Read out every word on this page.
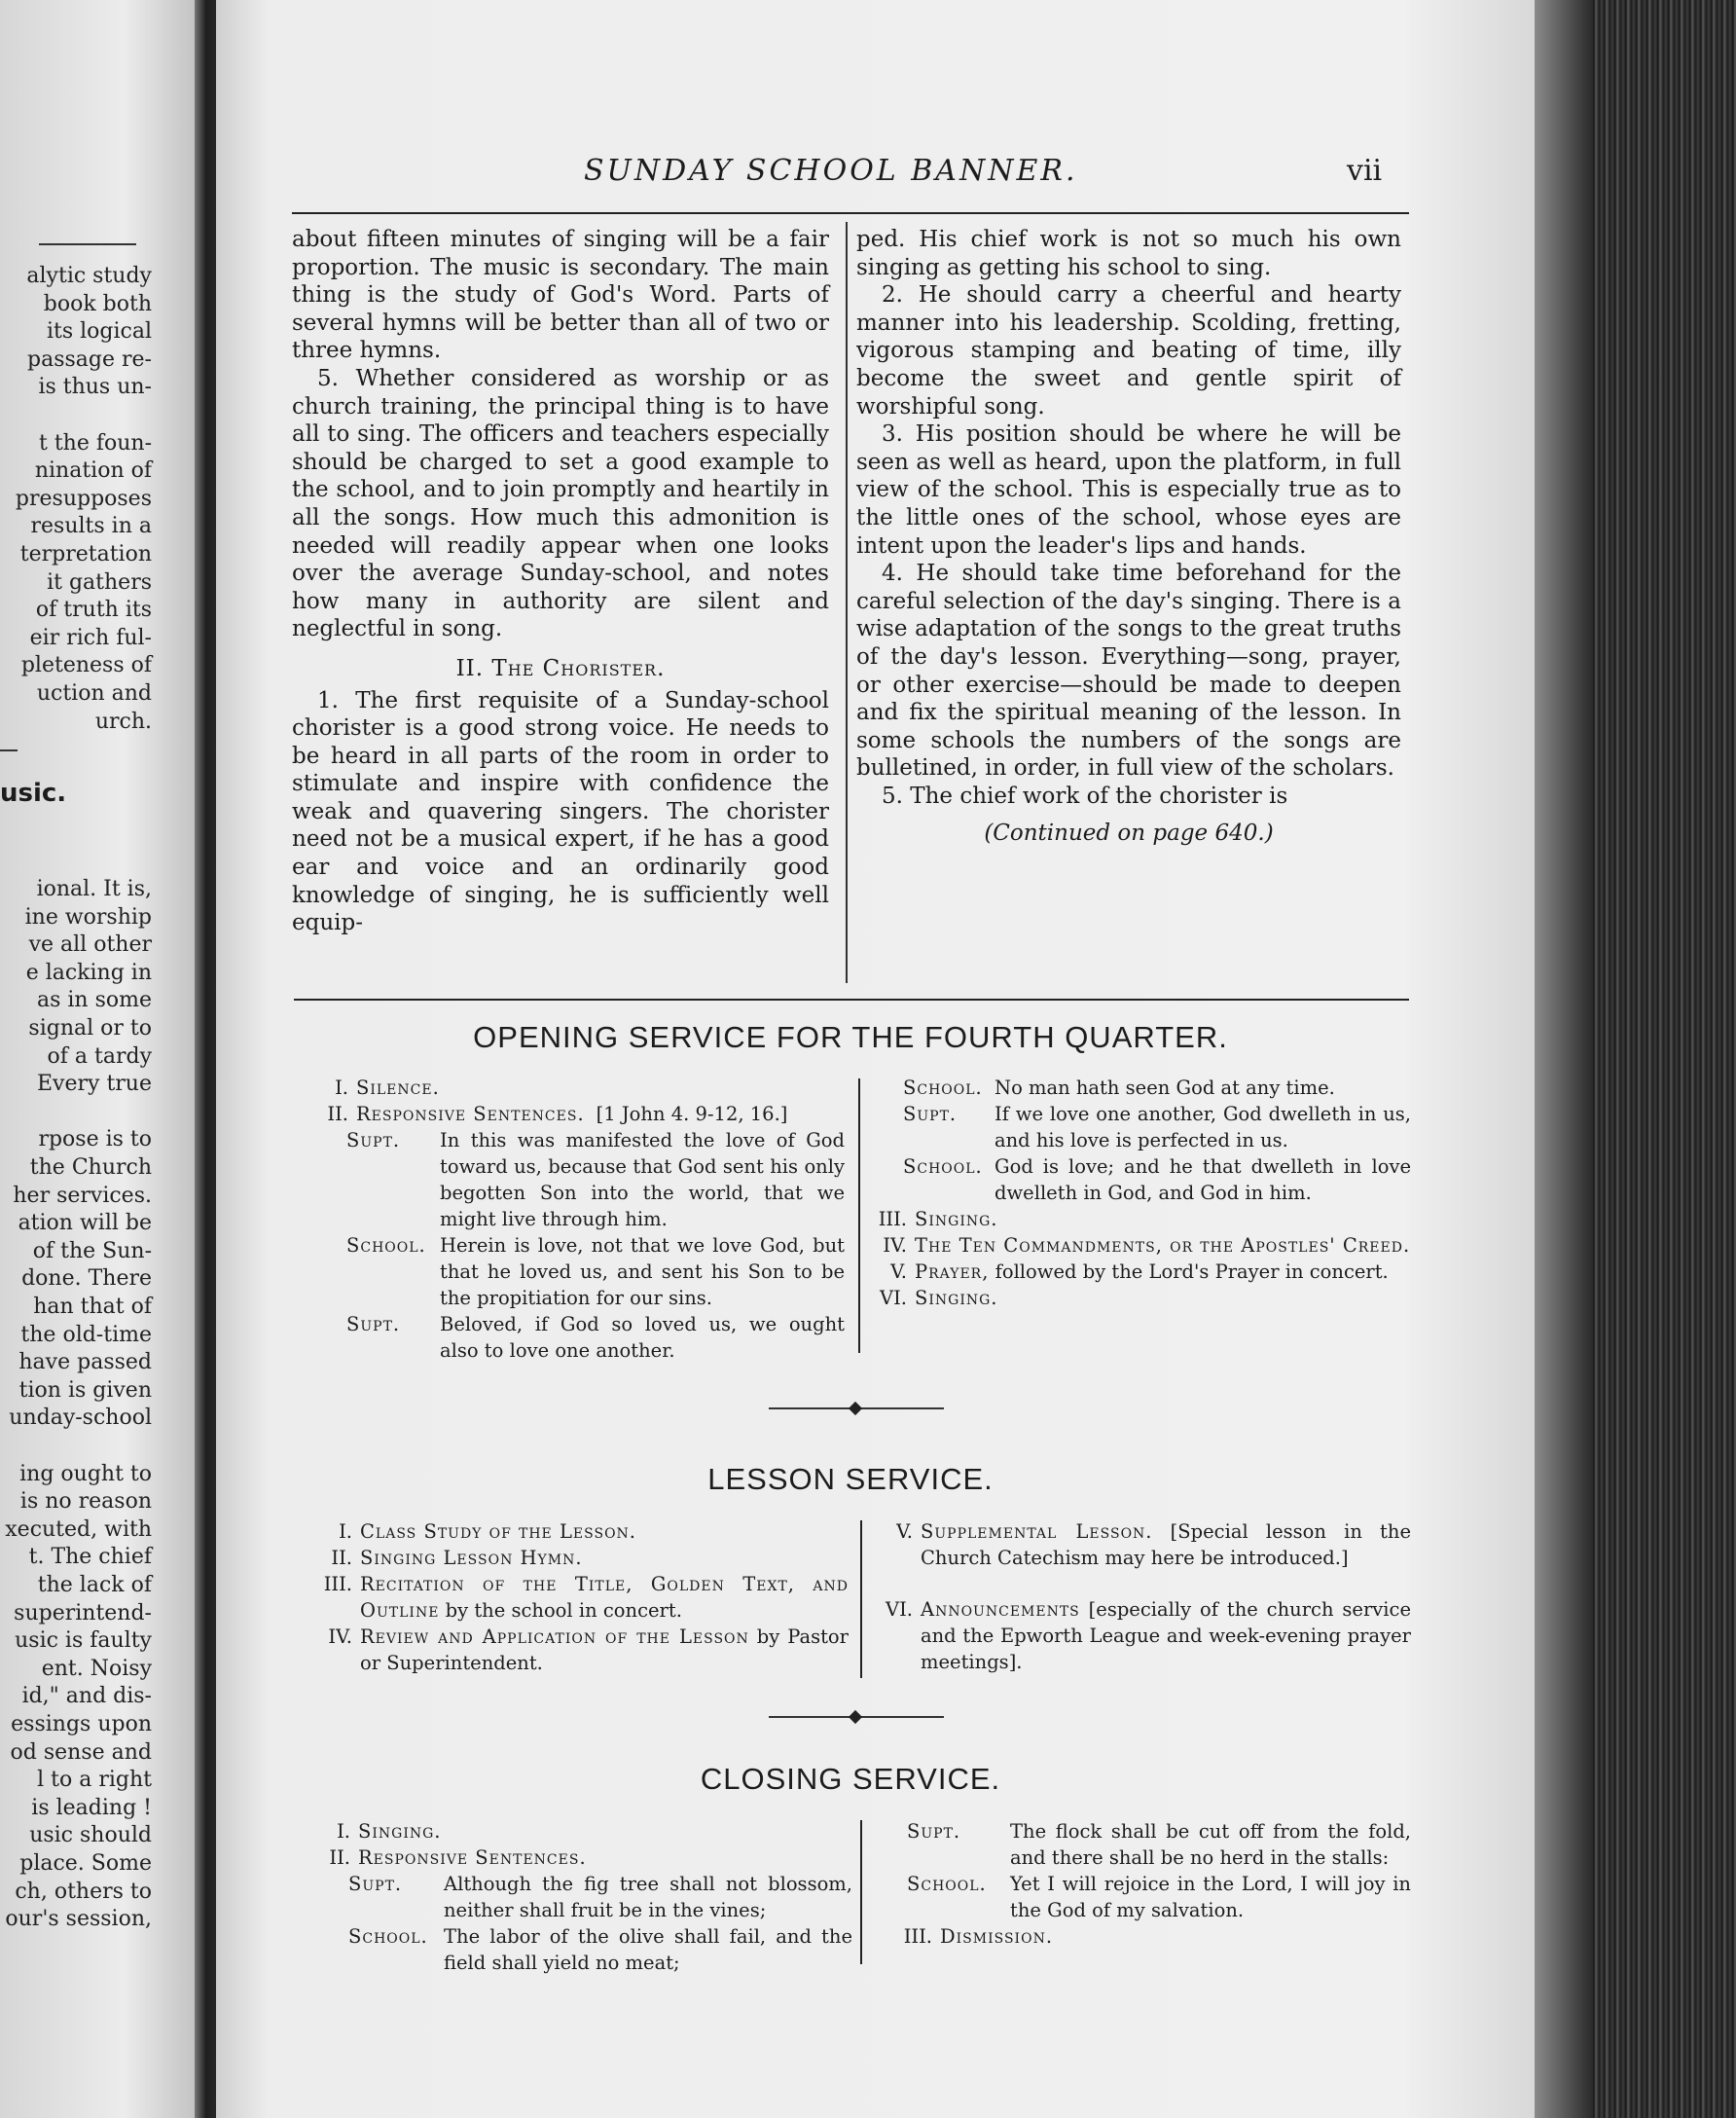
alytic study
book both
its logical
passage re-
is thus un-
t the foun-
nination of
presupposes
results in a
terpretation
it gathers
of truth its
eir rich ful-
pleteness of
uction and
urch.
usic.
ional. It is,
ine worship
ve all other
e lacking in
as in some
signal or to
of a tardy
Every true
rpose is to
the Church
her services.
ation will be
of the Sun-
done. There
han that of
the old-time
have passed
tion is given
unday-school
ing ought to
is no reason
xecuted, with
t. The chief
the lack of
superintend-
usic is faulty
ent. Noisy
id," and dis-
essings upon
od sense and
l to a right
is leading !
usic should
place. Some
ch, others to
our's session,
SUNDAY SCHOOL BANNER.	vii

about fifteen minutes of singing will be a fair proportion. The music is secondary. The main thing is the study of God's Word. Parts of several hymns will be better than all of two or three hymns.

5. Whether considered as worship or as church training, the principal thing is to have all to sing. The officers and teachers especially should be charged to set a good example to the school, and to join promptly and heartily in all the songs. How much this admonition is needed will readily appear when one looks over the average Sunday-school, and notes how many in authority are silent and neglectful in song.

II. The Chorister.

1. The first requisite of a Sunday-school chorister is a good strong voice. He needs to be heard in all parts of the room in order to stimulate and inspire with confidence the weak and quavering singers. The chorister need not be a musical expert, if he has a good ear and voice and an ordinarily good knowledge of singing, he is sufficiently well equip-

ped. His chief work is not so much his own singing as getting his school to sing.

2. He should carry a cheerful and hearty manner into his leadership. Scolding, fretting, vigorous stamping and beating of time, illy become the sweet and gentle spirit of worshipful song.

3. His position should be where he will be seen as well as heard, upon the platform, in full view of the school. This is especially true as to the little ones of the school, whose eyes are intent upon the leader's lips and hands.

4. He should take time beforehand for the careful selection of the day's singing. There is a wise adaptation of the songs to the great truths of the day's lesson. Everything—song, prayer, or other exercise—should be made to deepen and fix the spiritual meaning of the lesson. In some schools the numbers of the songs are bulletined, in order, in full view of the scholars.

5. The chief work of the chorister is

(Continued on page 640.)

OPENING SERVICE FOR THE FOURTH QUARTER.
I. Silence.
II. Responsive Sentences. [1 John 4. 9-12, 16.]
Supt.	In this was manifested the love of God toward us, because that God sent his only begotten Son into the world, that we might live through him.
School. Herein is love, not that we love God, but that he loved us, and sent his Son to be the propitiation for our sins.
Supt.	Beloved, if God so loved us, we ought also to love one another.
School. No man hath seen God at any time.
Supt.	If we love one another, God dwelleth in us, and his love is perfected in us.
School. God is love; and he that dwelleth in love dwelleth in God, and God in him.
III. Singing.
IV. The Ten Commandments, or the Apostles' Creed.
V. Prayer, followed by the Lord's Prayer in concert.
VI. Singing.
LESSON SERVICE.
I. Class Study of the Lesson.
II. Singing Lesson Hymn.
III. Recitation of the Title, Golden Text, and Outline by the school in concert.
IV. Review and Application of the Lesson by Pastor or Superintendent.
V. Supplemental Lesson. [Special lesson in the Church Catechism may here be introduced.]
VI. Announcements [especially of the church service and the Epworth League and week-evening prayer meetings].
CLOSING SERVICE.
I. Singing.
II. Responsive Sentences.
Supt.	Although the fig tree shall not blossom, neither shall fruit be in the vines;
School. The labor of the olive shall fail, and the field shall yield no meat;
Supt.	The flock shall be cut off from the fold, and there shall be no herd in the stalls:
School.	Yet I will rejoice in the Lord, I will joy in the God of my salvation.
III. Dismission.
